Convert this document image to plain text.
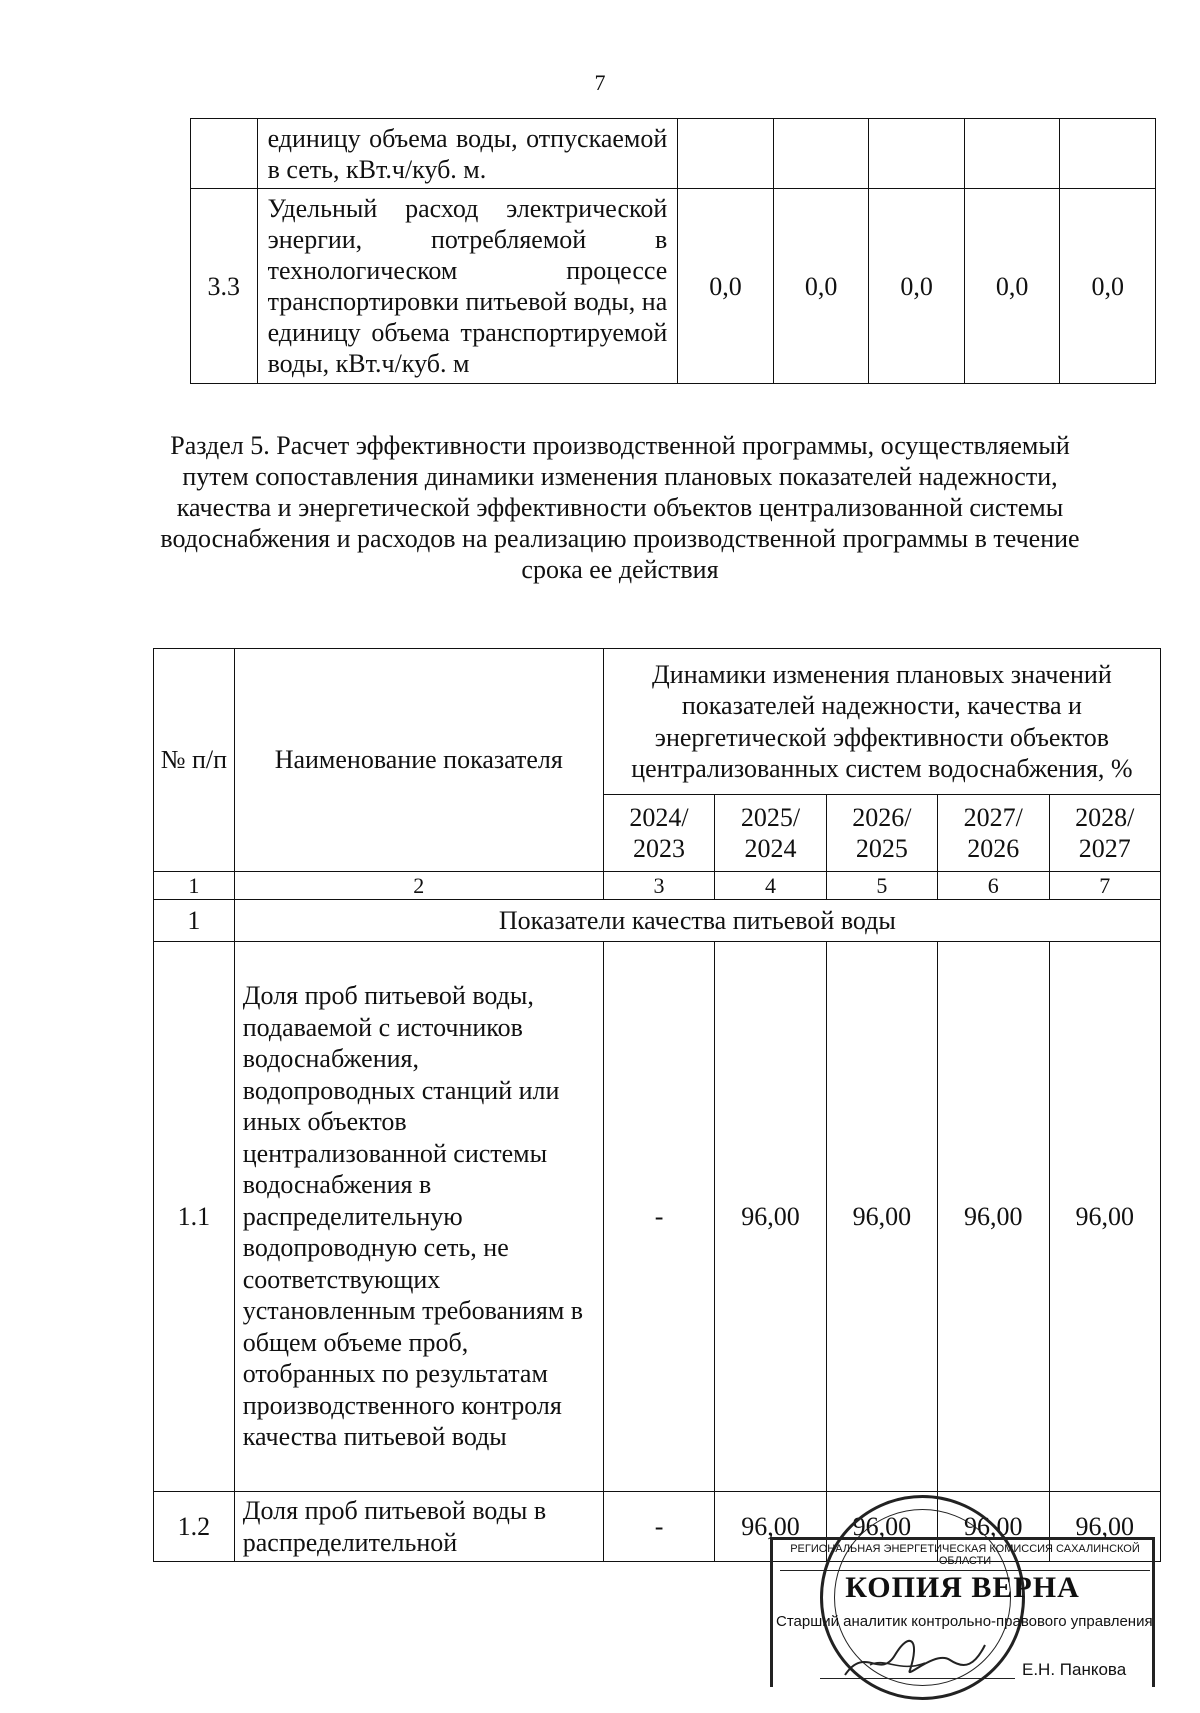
7
	единицу объема воды, отпускаемой в сеть, кВт.ч/куб. м.					
3.3	Удельный расход электрической энергии, потребляемой в технологическом процессе транспортировки питьевой воды, на единицу объема транспортируемой воды, кВт.ч/куб. м	0,0	0,0	0,0	0,0	0,0
Раздел 5. Расчет эффективности производственной программы, осуществляемый путем сопоставления динамики изменения плановых показателей надежности, качества и энергетической эффективности объектов централизованной системы водоснабжения и расходов на реализацию производственной программы в течение срока ее действия
№ п/п	Наименование показателя	Динамики изменения плановых значений показателей надежности, качества и энергетической эффективности объектов централизованных систем водоснабжения, %				
		2024/ 2023	2025/ 2024	2026/ 2025	2027/ 2026	2028/ 2027
1	2	3	4	5	6	7
1	Показатели качества питьевой воды					
1.1	Доля проб питьевой воды, подаваемой с источников водоснабжения, водопроводных станций или иных объектов централизованной системы водоснабжения в распределительную водопроводную сеть, не соответствующих установленным требованиям в общем объеме проб, отобранных по результатам производственного контроля качества питьевой воды	-	96,00	96,00	96,00	96,00
1.2	Доля проб питьевой воды в распределительной	-	96,00	96,00	96,00	96,00
РЕГИОНАЛЬНАЯ ЭНЕРГЕТИЧЕСКАЯ КОМИССИЯ САХАЛИНСКОЙ ОБЛАСТИ
КОПИЯ ВЕРНА
Старший аналитик контрольно-правового управления
Е.Н. Панкова
